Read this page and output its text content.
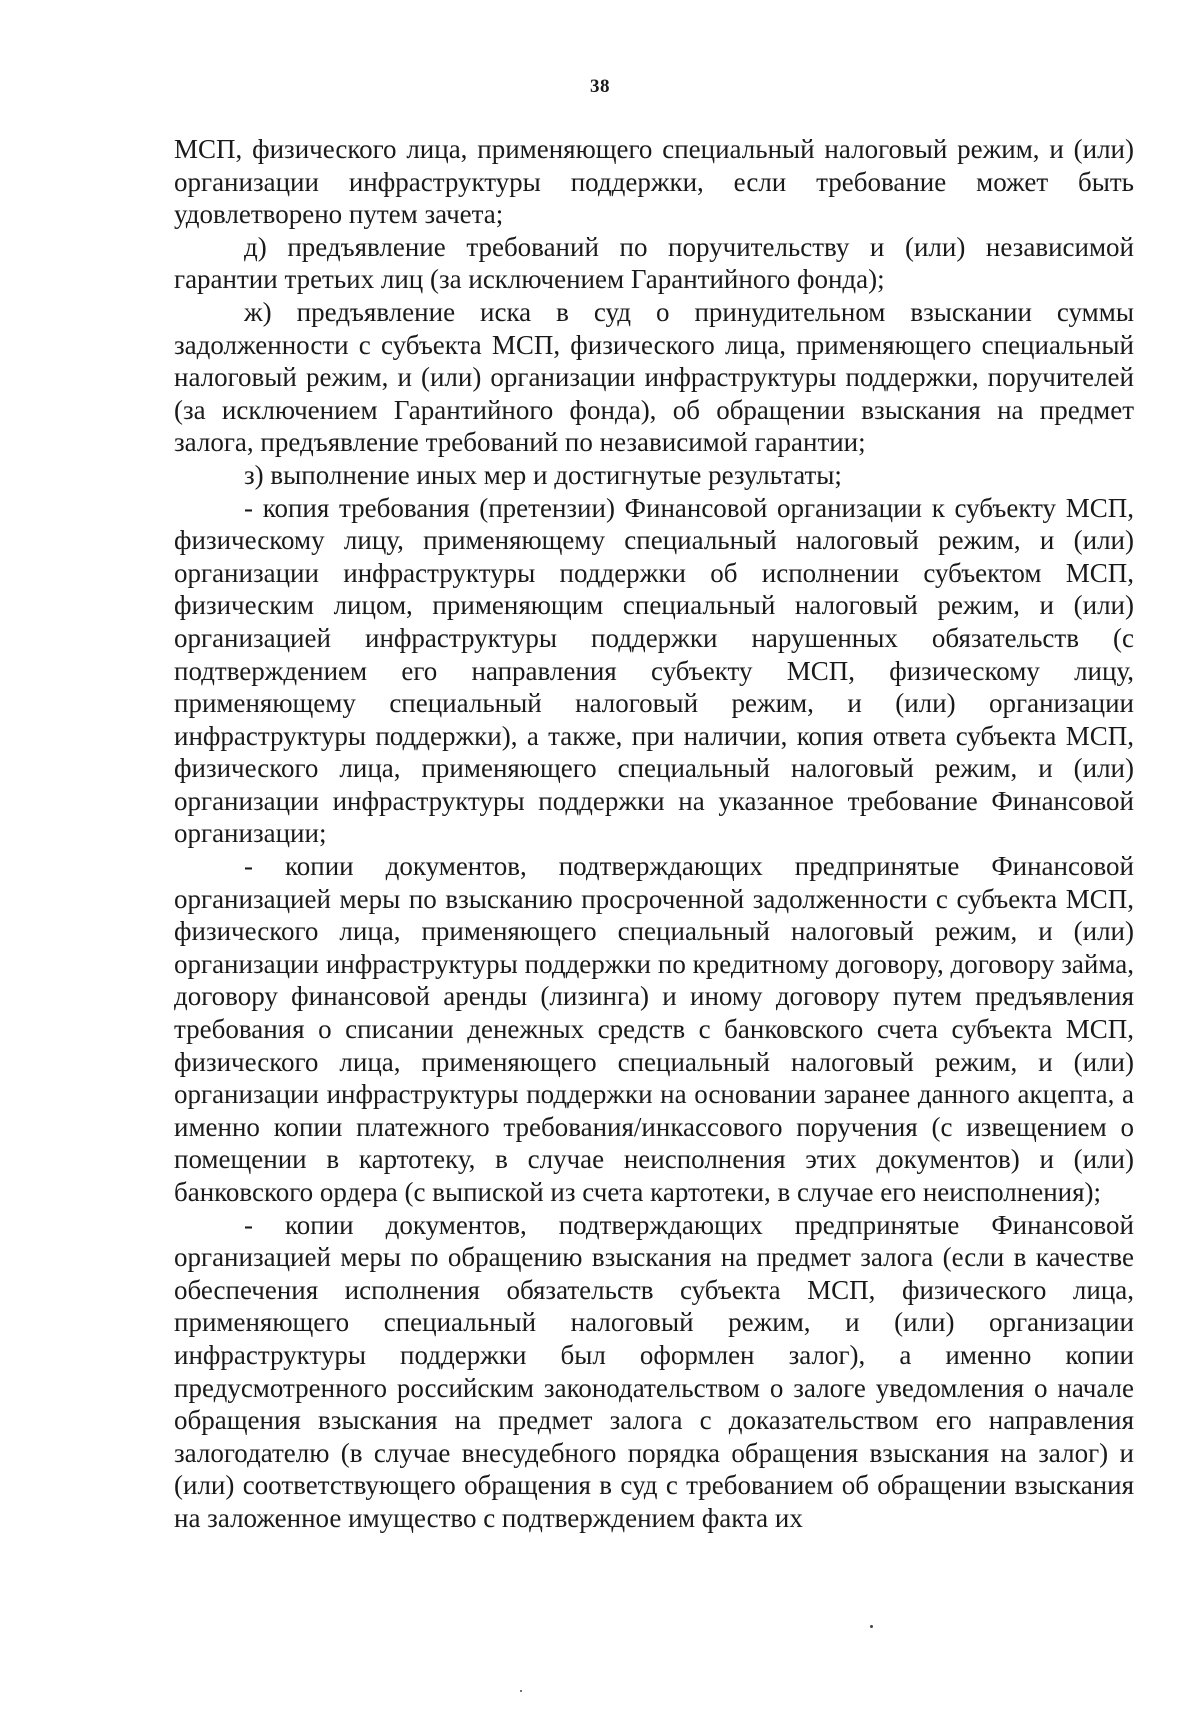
38

МСП, физического лица, применяющего специальный налоговый режим, и (или) организации инфраструктуры поддержки, если требование может быть удовлетворено путем зачета;

д) предъявление требований по поручительству и (или) независимой гарантии третьих лиц (за исключением Гарантийного фонда);

ж) предъявление иска в суд о принудительном взыскании суммы задолженности с субъекта МСП, физического лица, применяющего специальный налоговый режим, и (или) организации инфраструктуры поддержки, поручителей (за исключением Гарантийного фонда), об обращении взыскания на предмет залога, предъявление требований по независимой гарантии;

з) выполнение иных мер и достигнутые результаты;

- копия требования (претензии) Финансовой организации к субъекту МСП, физическому лицу, применяющему специальный налоговый режим, и (или) организации инфраструктуры поддержки об исполнении субъектом МСП, физическим лицом, применяющим специальный налоговый режим, и (или) организацией инфраструктуры поддержки нарушенных обязательств (с подтверждением его направления субъекту МСП, физическому лицу, применяющему специальный налоговый режим, и (или) организации инфраструктуры поддержки), а также, при наличии, копия ответа субъекта МСП, физического лица, применяющего специальный налоговый режим, и (или) организации инфраструктуры поддержки на указанное требование Финансовой организации;

- копии документов, подтверждающих предпринятые Финансовой организацией меры по взысканию просроченной задолженности с субъекта МСП, физического лица, применяющего специальный налоговый режим, и (или) организации инфраструктуры поддержки по кредитному договору, договору займа, договору финансовой аренды (лизинга) и иному договору путем предъявления требования о списании денежных средств с банковского счета субъекта МСП, физического лица, применяющего специальный налоговый режим, и (или) организации инфраструктуры поддержки на основании заранее данного акцепта, а именно копии платежного требования/инкассового поручения (с извещением о помещении в картотеку, в случае неисполнения этих документов) и (или) банковского ордера (с выпиской из счета картотеки, в случае его неисполнения);

- копии документов, подтверждающих предпринятые Финансовой организацией меры по обращению взыскания на предмет залога (если в качестве обеспечения исполнения обязательств субъекта МСП, физического лица, применяющего специальный налоговый режим, и (или) организации инфраструктуры поддержки был оформлен залог), а именно копии предусмотренного российским законодательством о залоге уведомления о начале обращения взыскания на предмет залога с доказательством его направления залогодателю (в случае внесудебного порядка обращения взыскания на залог) и (или) соответствующего обращения в суд с требованием об обращении взыскания на заложенное имущество с подтверждением факта их
